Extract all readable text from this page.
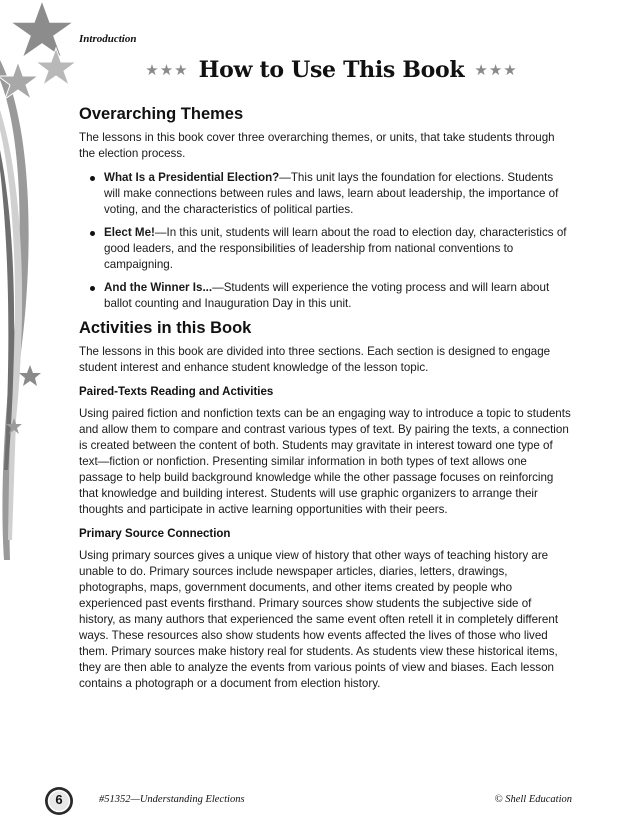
Introduction
★★★ How to Use This Book ★★★
Overarching Themes

The lessons in this book cover three overarching themes, or units, that take students through the election process.

What Is a Presidential Election?—This unit lays the foundation for elections. Students will make connections between rules and laws, learn about leadership, the importance of voting, and the characteristics of political parties.
Elect Me!—In this unit, students will learn about the road to election day, characteristics of good leaders, and the responsibilities of leadership from national conventions to campaigning.
And the Winner Is...—Students will experience the voting process and will learn about ballot counting and Inauguration Day in this unit.
Activities in this Book

The lessons in this book are divided into three sections. Each section is designed to engage student interest and enhance student knowledge of the lesson topic.

Paired-Texts Reading and Activities

Using paired fiction and nonfiction texts can be an engaging way to introduce a topic to students and allow them to compare and contrast various types of text. By pairing the texts, a connection is created between the content of both. Students may gravitate in interest toward one type of text—fiction or nonfiction. Presenting similar information in both types of text allows one passage to help build background knowledge while the other passage focuses on reinforcing that knowledge and building interest. Students will use graphic organizers to arrange their thoughts and participate in active learning opportunities with their peers.

Primary Source Connection

Using primary sources gives a unique view of history that other ways of teaching history are unable to do. Primary sources include newspaper articles, diaries, letters, drawings, photographs, maps, government documents, and other items created by people who experienced past events firsthand. Primary sources show students the subjective side of history, as many authors that experienced the same event often retell it in completely different ways. These resources also show students how events affected the lives of those who lived them. Primary sources make history real for students. As students view these historical items, they are then able to analyze the events from various points of view and biases. Each lesson contains a photograph or a document from election history.

6	#51352—Understanding Elections	© Shell Education
